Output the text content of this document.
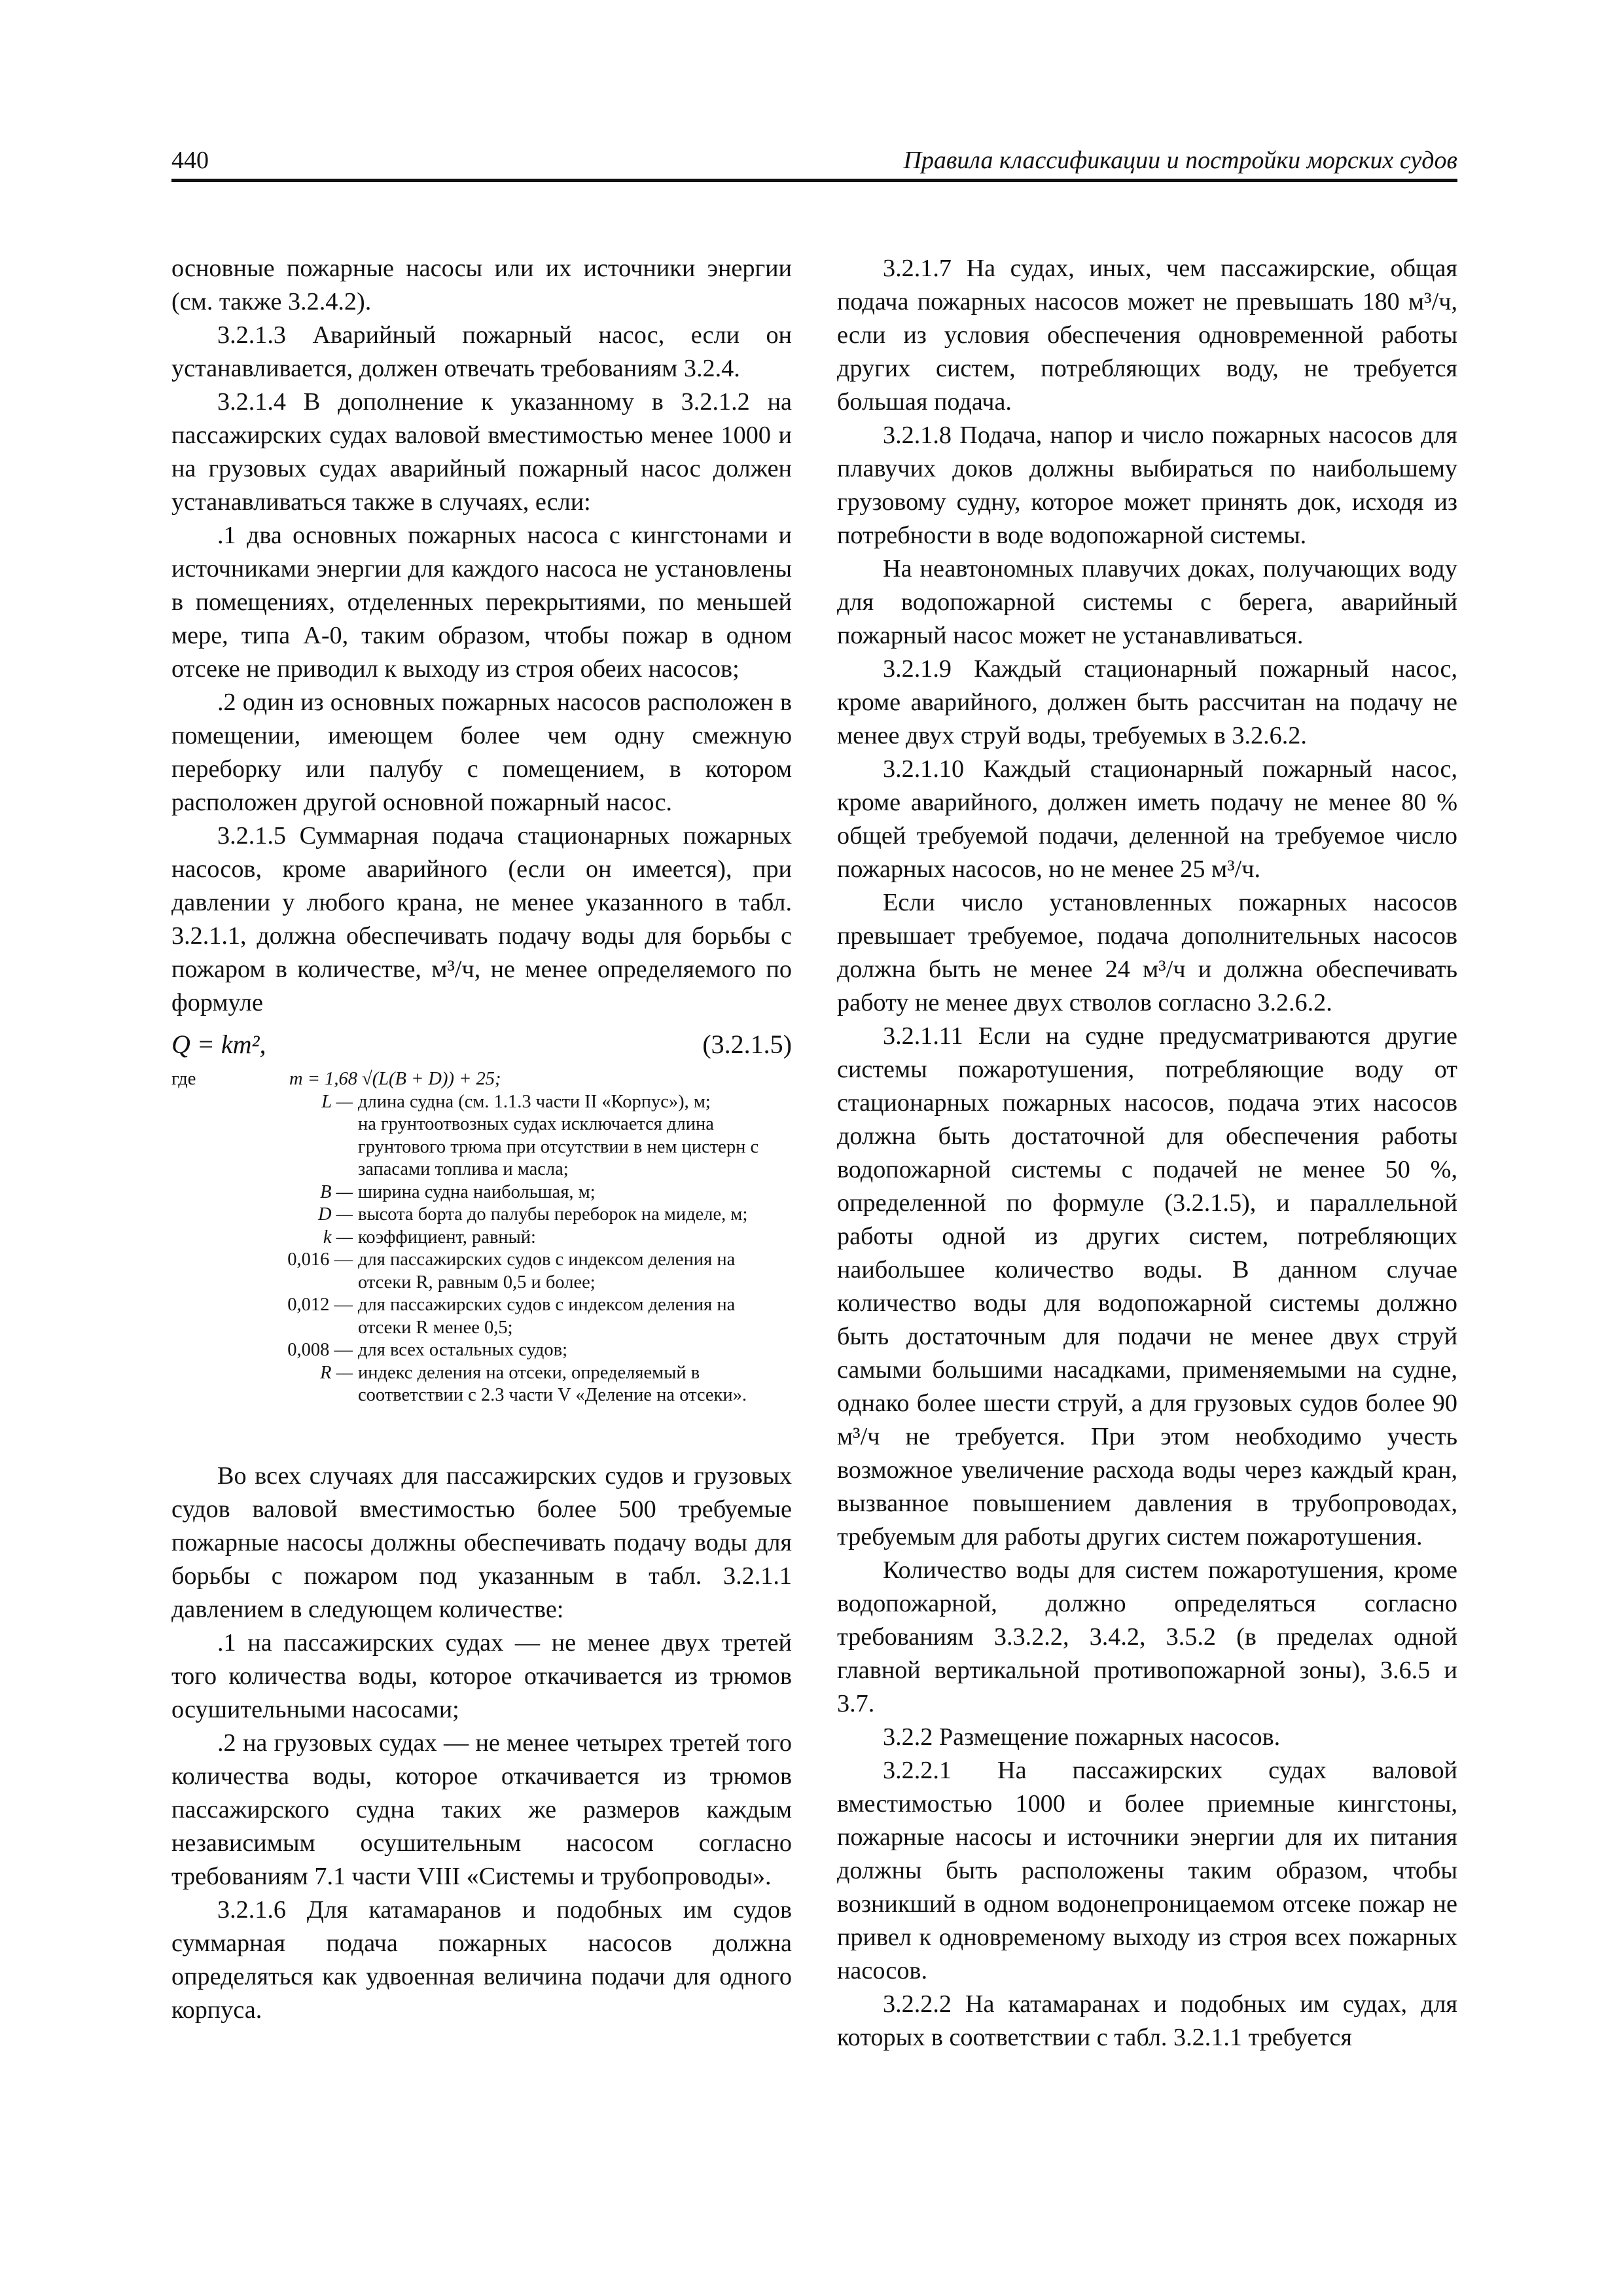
440	Правила классификации и постройки морских судов

основные пожарные насосы или их источники энергии (см. также 3.2.4.2).

3.2.1.3 Аварийный пожарный насос, если он устанавливается, должен отвечать требованиям 3.2.4.

3.2.1.4 В дополнение к указанному в 3.2.1.2 на пассажирских судах валовой вместимостью менее 1000 и на грузовых судах аварийный пожарный насос должен устанавливаться также в случаях, если:

.1 два основных пожарных насоса с кингстонами и источниками энергии для каждого насоса не установлены в помещениях, отделенных перекрытиями, по меньшей мере, типа А-0, таким образом, чтобы пожар в одном отсеке не приводил к выходу из строя обеих насосов;

.2 один из основных пожарных насосов расположен в помещении, имеющем более чем одну смежную переборку или палубу с помещением, в котором расположен другой основной пожарный насос.

3.2.1.5 Суммарная подача стационарных пожарных насосов, кроме аварийного (если он имеется), при давлении у любого крана, не менее указанного в табл. 3.2.1.1, должна обеспечивать подачу воды для борьбы с пожаром в количестве, м³/ч, не менее определяемого по формуле

Q = km²,	(3.2.1.5)
где	m = 1,68 √(L(B + D)) + 25;
L — длина судна (см. 1.1.3 части II «Корпус»), м;
на грунтоотвозных судах исключается длина грунтового трюма при отсутствии в нем цистерн с запасами топлива и масла;
B — ширина судна наибольшая, м;
D — высота борта до палубы переборок на миделе, м;
k — коэффициент, равный:
0,016 — для пассажирских судов с индексом деления на отсеки R, равным 0,5 и более;
0,012 — для пассажирских судов с индексом деления на отсеки R менее 0,5;
0,008 — для всех остальных судов;
R — индекс деления на отсеки, определяемый в соответствии с 2.3 части V «Деление на отсеки».

Во всех случаях для пассажирских судов и грузовых судов валовой вместимостью более 500 требуемые пожарные насосы должны обеспечивать подачу воды для борьбы с пожаром под указанным в табл. 3.2.1.1 давлением в следующем количестве:

.1 на пассажирских судах — не менее двух третей того количества воды, которое откачивается из трюмов осушительными насосами;

.2 на грузовых судах — не менее четырех третей того количества воды, которое откачивается из трюмов пассажирского судна таких же размеров каждым независимым осушительным насосом согласно требованиям 7.1 части VIII «Системы и трубопроводы».

3.2.1.6 Для катамаранов и подобных им судов суммарная подача пожарных насосов должна определяться как удвоенная величина подачи для одного корпуса.

3.2.1.7 На судах, иных, чем пассажирские, общая подача пожарных насосов может не превышать 180 м³/ч, если из условия обеспечения одновременной работы других систем, потребляющих воду, не требуется большая подача.

3.2.1.8 Подача, напор и число пожарных насосов для плавучих доков должны выбираться по наибольшему грузовому судну, которое может принять док, исходя из потребности в воде водопожарной системы.

На неавтономных плавучих доках, получающих воду для водопожарной системы с берега, аварийный пожарный насос может не устанавливаться.

3.2.1.9 Каждый стационарный пожарный насос, кроме аварийного, должен быть рассчитан на подачу не менее двух струй воды, требуемых в 3.2.6.2.

3.2.1.10 Каждый стационарный пожарный насос, кроме аварийного, должен иметь подачу не менее 80 % общей требуемой подачи, деленной на требуемое число пожарных насосов, но не менее 25 м³/ч.

Если число установленных пожарных насосов превышает требуемое, подача дополнительных насосов должна быть не менее 24 м³/ч и должна обеспечивать работу не менее двух стволов согласно 3.2.6.2.

3.2.1.11 Если на судне предусматриваются другие системы пожаротушения, потребляющие воду от стационарных пожарных насосов, подача этих насосов должна быть достаточной для обеспечения работы водопожарной системы с подачей не менее 50 %, определенной по формуле (3.2.1.5), и параллельной работы одной из других систем, потребляющих наибольшее количество воды. В данном случае количество воды для водопожарной системы должно быть достаточным для подачи не менее двух струй самыми большими насадками, применяемыми на судне, однако более шести струй, а для грузовых судов более 90 м³/ч не требуется. При этом необходимо учесть возможное увеличение расхода воды через каждый кран, вызванное повышением давления в трубопроводах, требуемым для работы других систем пожаротушения.

Количество воды для систем пожаротушения, кроме водопожарной, должно определяться согласно требованиям 3.3.2.2, 3.4.2, 3.5.2 (в пределах одной главной вертикальной противопожарной зоны), 3.6.5 и 3.7.

3.2.2 Размещение пожарных насосов.

3.2.2.1 На пассажирских судах валовой вместимостью 1000 и более приемные кингстоны, пожарные насосы и источники энергии для их питания должны быть расположены таким образом, чтобы возникший в одном водонепроницаемом отсеке пожар не привел к одновременому выходу из строя всех пожарных насосов.

3.2.2.2 На катамаранах и подобных им судах, для которых в соответствии с табл. 3.2.1.1 требуется
